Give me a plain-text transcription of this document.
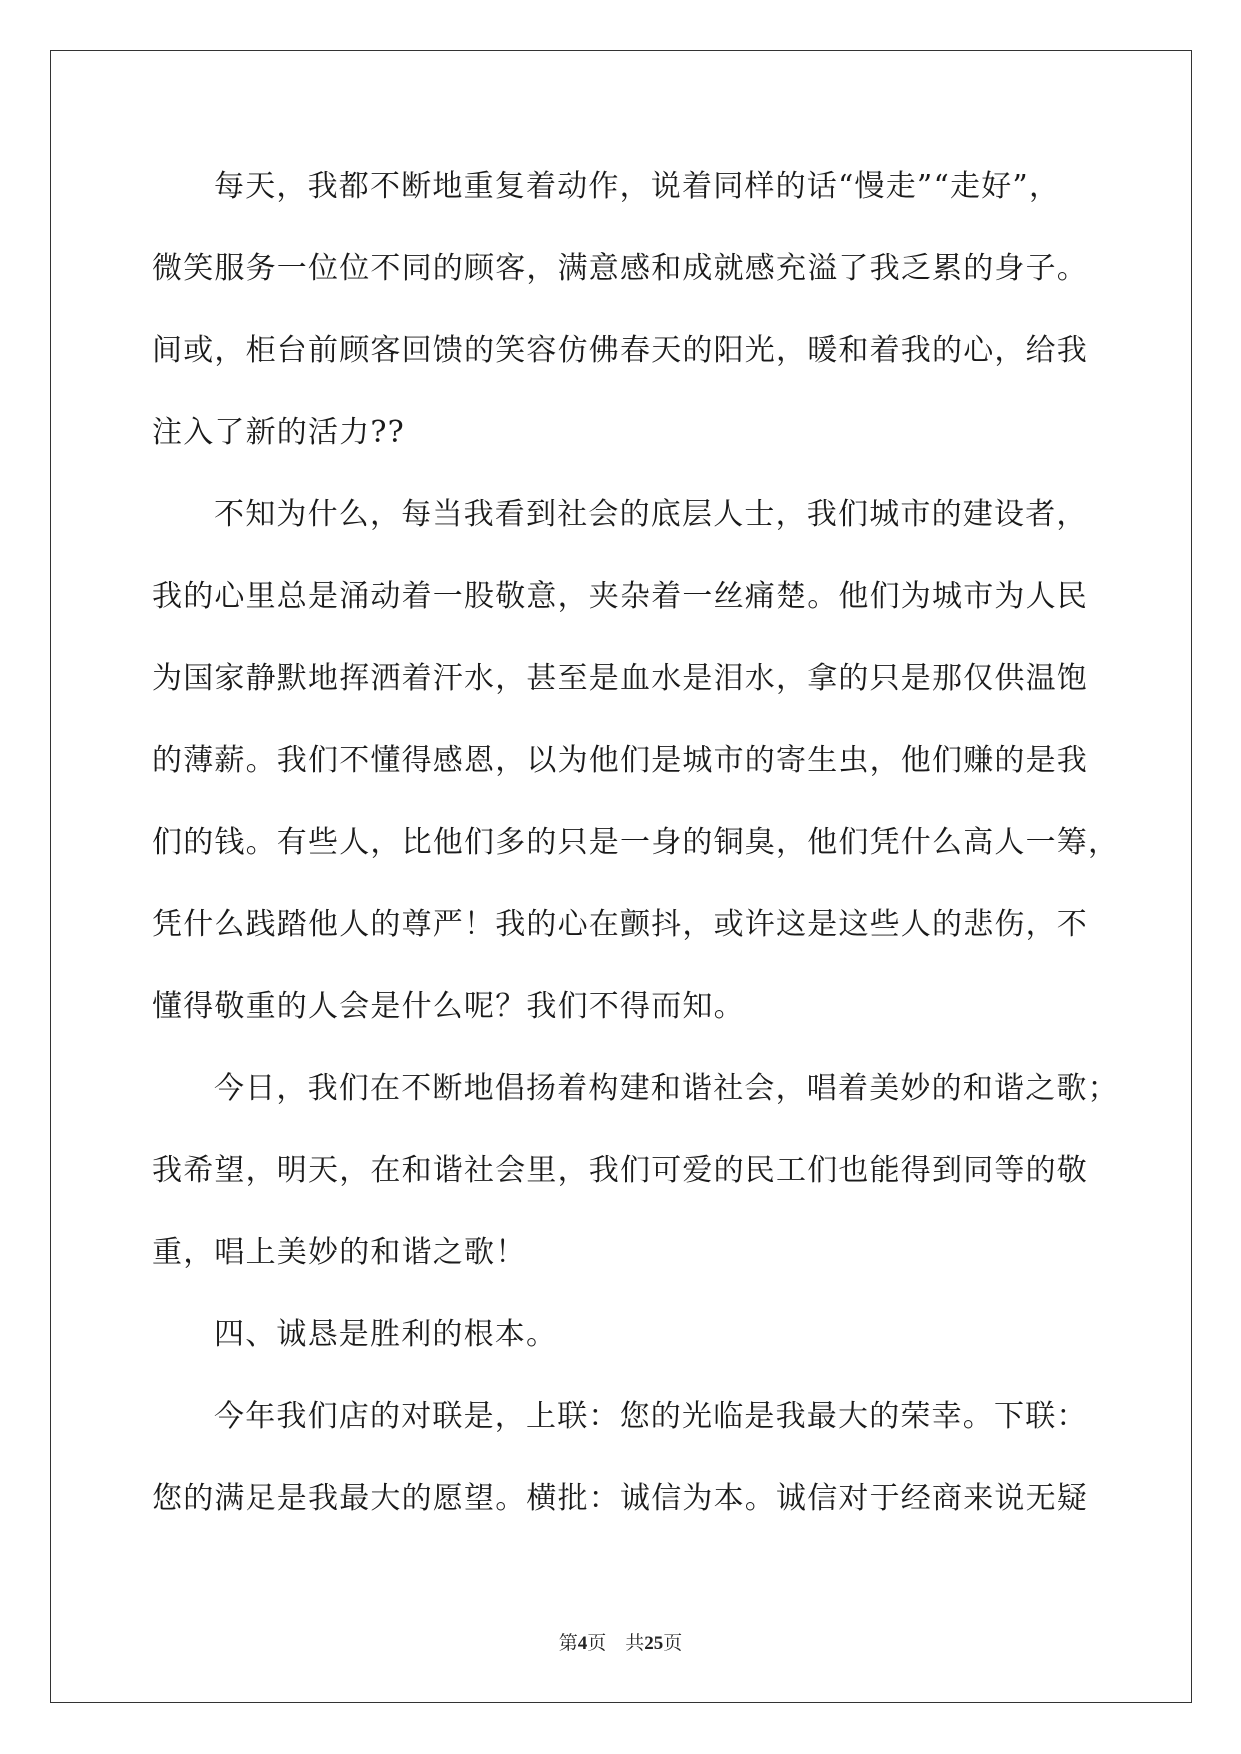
每天，我都不断地重复着动作，说着同样的话“慢走”“走好”，
微笑服务一位位不同的顾客，满意感和成就感充溢了我乏累的身子。
间或，柜台前顾客回馈的笑容仿佛春天的阳光，暖和着我的心，给我
注入了新的活力??
不知为什么，每当我看到社会的底层人士，我们城市的建设者，
我的心里总是涌动着一股敬意，夹杂着一丝痛楚。他们为城市为人民
为国家静默地挥洒着汗水，甚至是血水是泪水，拿的只是那仅供温饱
的薄薪。我们不懂得感恩，以为他们是城市的寄生虫，他们赚的是我
们的钱。有些人，比他们多的只是一身的铜臭，他们凭什么高人一筹，
凭什么践踏他人的尊严！我的心在颤抖，或许这是这些人的悲伤，不
懂得敬重的人会是什么呢？我们不得而知。
今日，我们在不断地倡扬着构建和谐社会，唱着美妙的和谐之歌；
我希望，明天，在和谐社会里，我们可爱的民工们也能得到同等的敬
重，唱上美妙的和谐之歌！
四、诚恳是胜利的根本。
今年我们店的对联是，上联：您的光临是我最大的荣幸。下联：
您的满足是我最大的愿望。横批：诚信为本。诚信对于经商来说无疑
第4页 共25页
